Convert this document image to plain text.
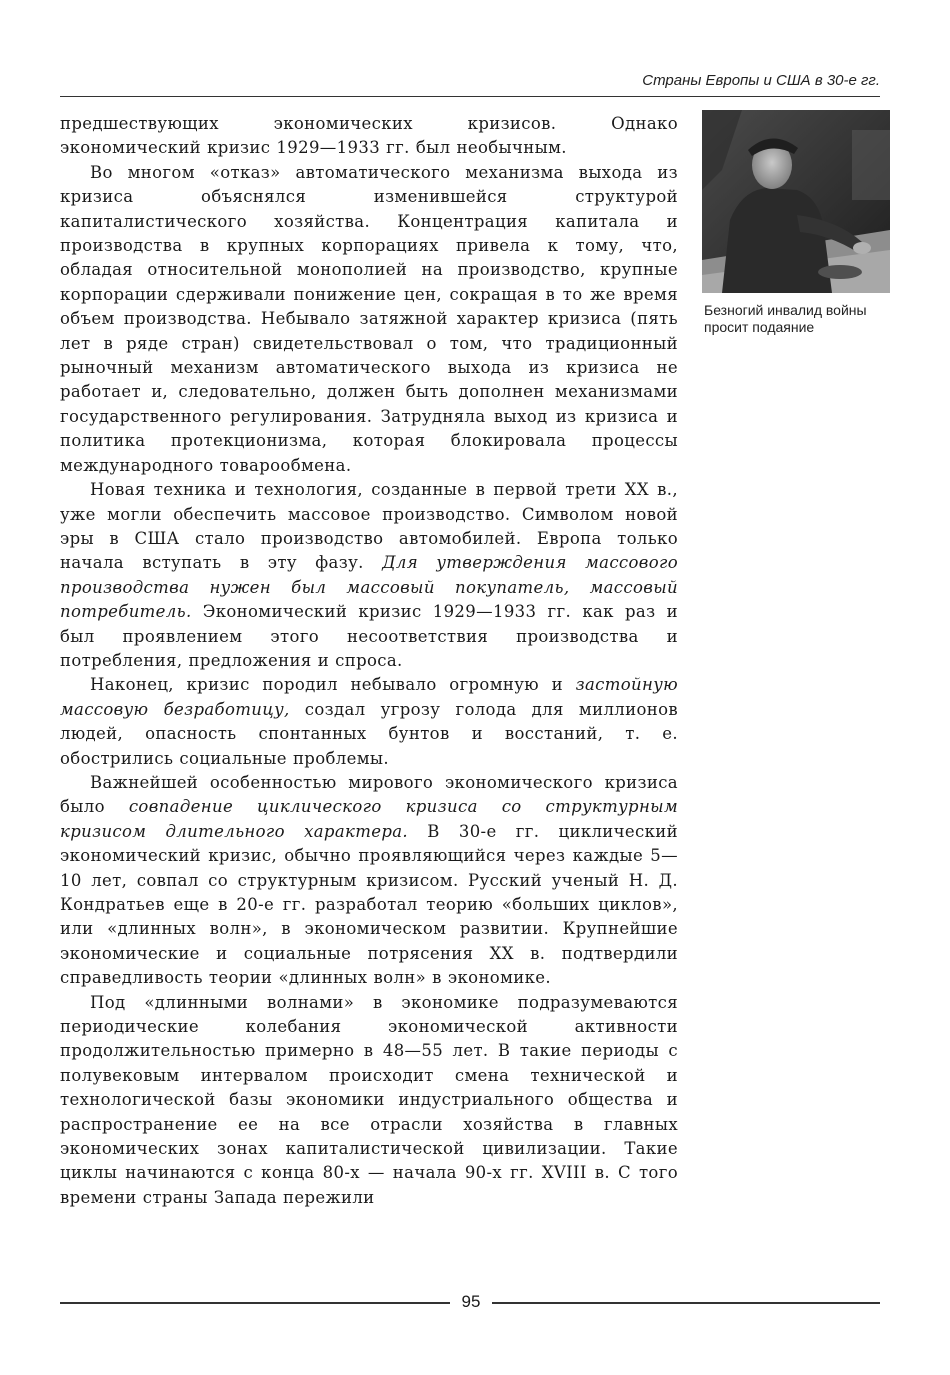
Страны Европы и США в 30-е гг.

предшествующих экономических кризисов. Однако экономический кризис 1929—1933 гг. был необычным.

Во многом «отказ» автоматического механизма выхода из кризиса объяснялся изменившейся структурой капиталистического хозяйства. Концентрация капитала и производства в крупных корпорациях привела к тому, что, обладая относительной монополией на производство, крупные корпорации сдерживали понижение цен, сокращая в то же время объем производства. Небывало затяжной характер кризиса (пять лет в ряде стран) свидетельствовал о том, что традиционный рыночный механизм автоматического выхода из кризиса не работает и, следовательно, должен быть дополнен механизмами государственного регулирования. Затрудняла выход из кризиса и политика протекционизма, которая блокировала процессы международного товарообмена.

Новая техника и технология, созданные в первой трети XX в., уже могли обеспечить массовое производство. Символом новой эры в США стало производство автомобилей. Европа только начала вступать в эту фазу. Для утверждения массового производства нужен был массовый покупатель, массовый потребитель. Экономический кризис 1929—1933 гг. как раз и был проявлением этого несоответствия производства и потребления, предложения и спроса.

Наконец, кризис породил небывало огромную и застойную массовую безработицу, создал угрозу голода для миллионов людей, опасность спонтанных бунтов и восстаний, т. е. обострились социальные проблемы.

Важнейшей особенностью мирового экономического кризиса было совпадение циклического кризиса со структурным кризисом длительного характера. В 30-е гг. циклический экономический кризис, обычно проявляющийся через каждые 5—10 лет, совпал со структурным кризисом. Русский ученый Н. Д. Кондратьев еще в 20-е гг. разработал теорию «больших циклов», или «длинных волн», в экономическом развитии. Крупнейшие экономические и социальные потрясения XX в. подтвердили справедливость теории «длинных волн» в экономике.

Под «длинными волнами» в экономике подразумеваются периодические колебания экономической активности продолжительностью примерно в 48—55 лет. В такие периоды с полувековым интервалом происходит смена технической и технологической базы экономики индустриального общества и распространение ее на все отрасли хозяйства в главных экономических зонах капиталистической цивилизации. Такие циклы начинаются с конца 80-х — начала 90-х гг. XVIII в. С того времени страны Запада пережили

Безногий инвалид войны просит подаяние
95
